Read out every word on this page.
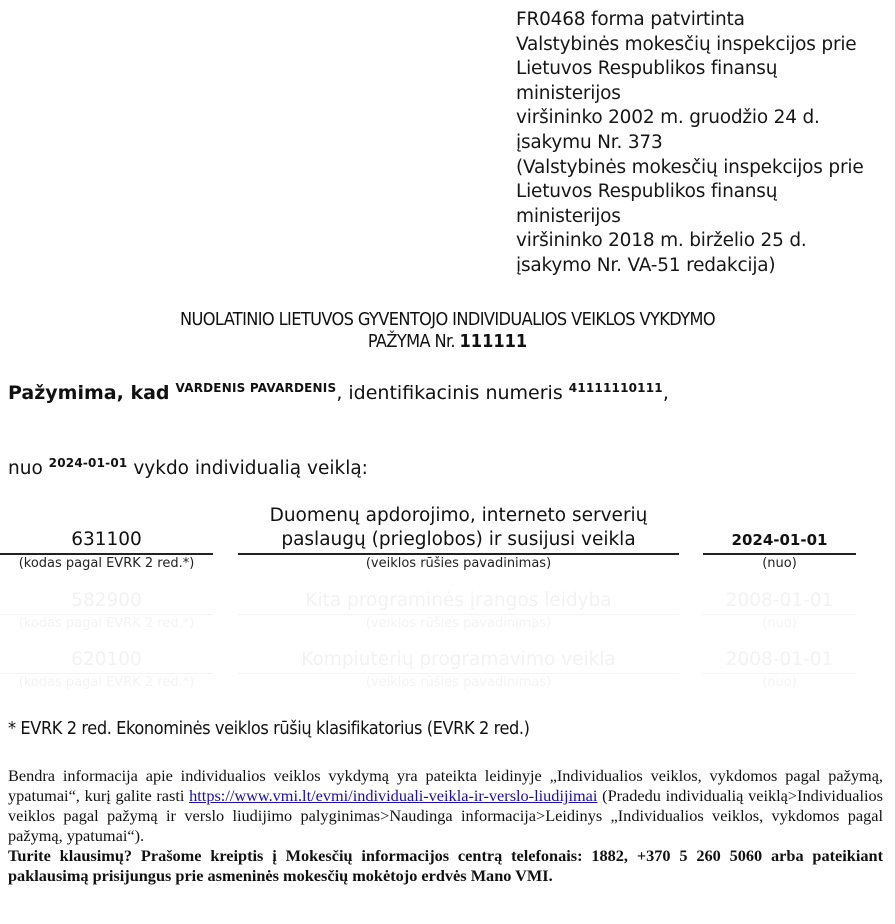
FR0468 forma patvirtinta
Valstybinės mokesčių inspekcijos prie
Lietuvos Respublikos finansų
ministerijos
viršininko 2002 m. gruodžio 24 d.
įsakymu Nr. 373
(Valstybinės mokesčių inspekcijos prie
Lietuvos Respublikos finansų
ministerijos
viršininko 2018 m. birželio 25 d.
įsakymo Nr. VA-51 redakcija)
NUOLATINIO LIETUVOS GYVENTOJO INDIVIDUALIOS VEIKLOS VYKDYMO
PAŽYMA Nr. 111111
Pažymima, kad $^{VARDENIS PAVARDENIS}$, identifikacinis numeris $^{41111110111}$,
nuo $^{2024-01-01}$ vykdo individualią veiklą:
631100
(kodas pagal EVRK 2 red.*)
Duomenų apdorojimo, interneto serverių paslaugų (prieglobos) ir susijusi veikla
(veiklos rūšies pavadinimas)
2024-01-01
(nuo)
582900
(kodas pagal EVRK 2 red.*)
Kita programinės įrangos leidyba
(veiklos rūšies pavadinimas)
2008-01-01
(nuo)
620100
(kodas pagal EVRK 2 red.*)
Kompiuterių programavimo veikla
(veiklos rūšies pavadinimas)
2008-01-01
(nuo)
* EVRK 2 red. Ekonominės veiklos rūšių klasifikatorius (EVRK 2 red.)
Bendra informacija apie individualios veiklos vykdymą yra pateikta leidinyje „Individualios veiklos, vykdomos pagal pažymą, ypatumai“, kurį galite rasti https://www.vmi.lt/evmi/individuali-veikla-ir-verslo-liudijimai (Pradedu individualią veiklą>Individualios veiklos pagal pažymą ir verslo liudijimo palyginimas>Naudinga informacija>Leidinys „Individualios veiklos, vykdomos pagal pažymą, ypatumai“).
Turite klausimų? Prašome kreiptis į Mokesčių informacijos centrą telefonais: 1882, +370 5 260 5060 arba pateikiant paklausimą prisijungus prie asmeninės mokesčių mokėtojo erdvės Mano VMI.
